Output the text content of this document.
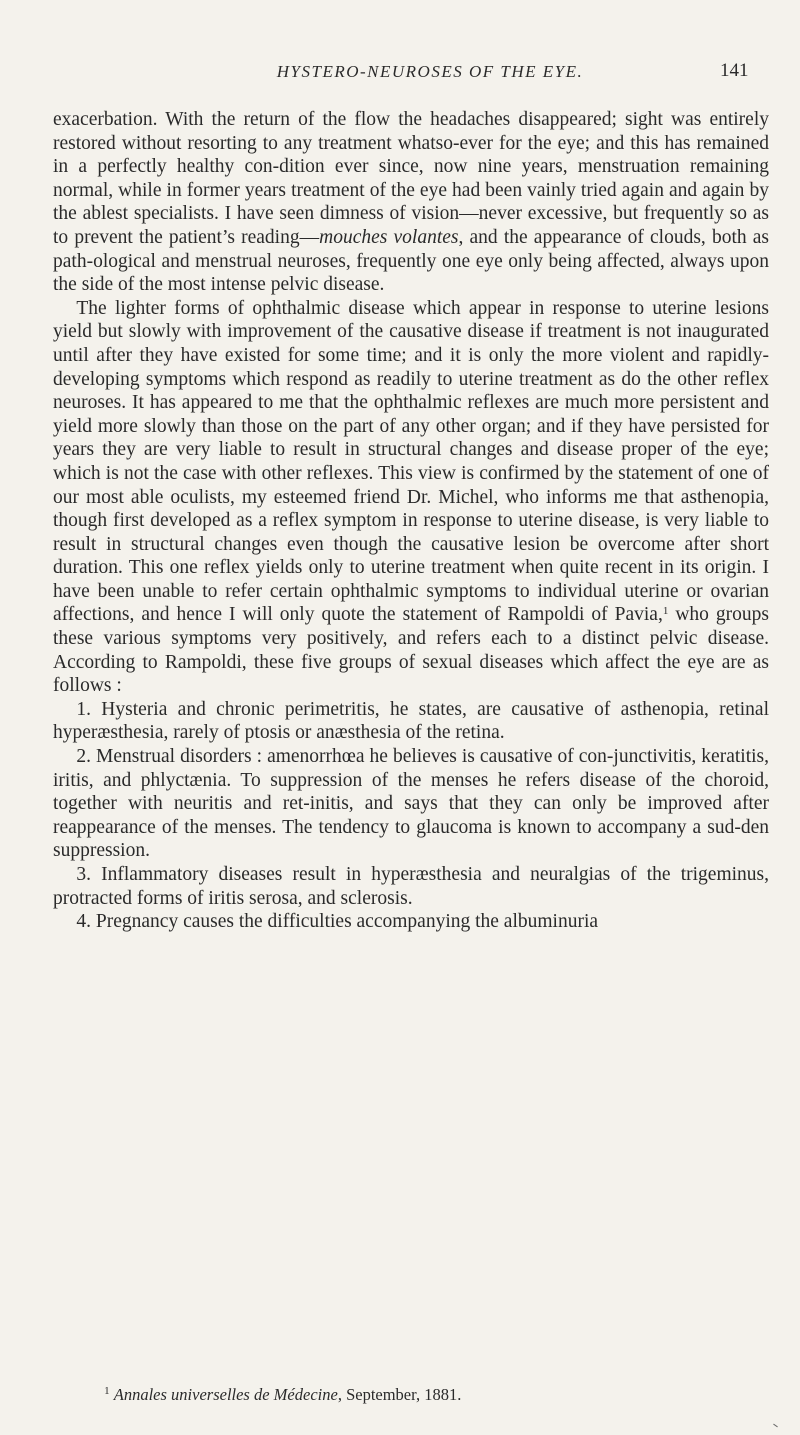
HYSTERO-NEUROSES OF THE EYE.	141

exacerbation. With the return of the flow the headaches disappeared; sight was entirely restored without resorting to any treatment whatso-ever for the eye; and this has remained in a perfectly healthy con-dition ever since, now nine years, menstruation remaining normal, while in former years treatment of the eye had been vainly tried again and again by the ablest specialists. I have seen dimness of vision—never excessive, but frequently so as to prevent the patient’s reading—mouches volantes, and the appearance of clouds, both as path-ological and menstrual neuroses, frequently one eye only being affected, always upon the side of the most intense pelvic disease.

The lighter forms of ophthalmic disease which appear in response to uterine lesions yield but slowly with improvement of the causative disease if treatment is not inaugurated until after they have existed for some time; and it is only the more violent and rapidly-developing symptoms which respond as readily to uterine treatment as do the other reflex neuroses. It has appeared to me that the ophthalmic reflexes are much more persistent and yield more slowly than those on the part of any other organ; and if they have persisted for years they are very liable to result in structural changes and disease proper of the eye; which is not the case with other reflexes. This view is confirmed by the statement of one of our most able oculists, my esteemed friend Dr. Michel, who informs me that asthenopia, though first developed as a reflex symptom in response to uterine disease, is very liable to result in structural changes even though the causative lesion be overcome after short duration. This one reflex yields only to uterine treatment when quite recent in its origin. I have been unable to refer certain ophthalmic symptoms to individual uterine or ovarian affections, and hence I will only quote the statement of Rampoldi of Pavia,$^1$ who groups these various symptoms very positively, and refers each to a distinct pelvic disease. According to Rampoldi, these five groups of sexual diseases which affect the eye are as follows :

1. Hysteria and chronic perimetritis, he states, are causative of asthenopia, retinal hyperæsthesia, rarely of ptosis or anæsthesia of the retina.

2. Menstrual disorders : amenorrhœa he believes is causative of con-junctivitis, keratitis, iritis, and phlyctænia. To suppression of the menses he refers disease of the choroid, together with neuritis and ret-initis, and says that they can only be improved after reappearance of the menses. The tendency to glaucoma is known to accompany a sud-den suppression.

3. Inflammatory diseases result in hyperæsthesia and neuralgias of the trigeminus, protracted forms of iritis serosa, and sclerosis.

4. Pregnancy causes the difficulties accompanying the albuminuria

$^1$ Annales universelles de Médecine, September, 1881.
